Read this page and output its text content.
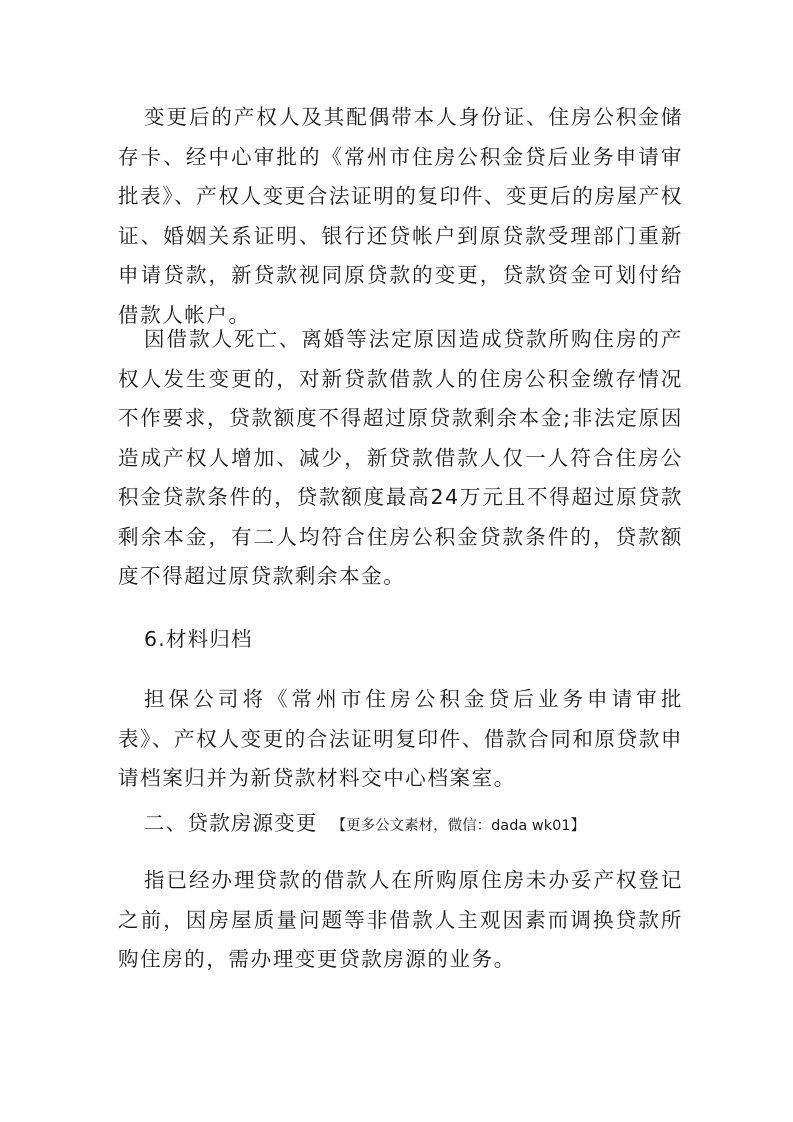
变更后的产权人及其配偶带本人身份证、住房公积金储存卡、经中心审批的《常州市住房公积金贷后业务申请审批表》、产权人变更合法证明的复印件、变更后的房屋产权证、婚姻关系证明、银行还贷帐户到原贷款受理部门重新申请贷款，新贷款视同原贷款的变更，贷款资金可划付给借款人帐户。

因借款人死亡、离婚等法定原因造成贷款所购住房的产权人发生变更的，对新贷款借款人的住房公积金缴存情况不作要求，贷款额度不得超过原贷款剩余本金;非法定原因造成产权人增加、减少，新贷款借款人仅一人符合住房公积金贷款条件的，贷款额度最高24万元且不得超过原贷款剩余本金，有二人均符合住房公积金贷款条件的，贷款额度不得超过原贷款剩余本金。

6.材料归档

担保公司将《常州市住房公积金贷后业务申请审批表》、产权人变更的合法证明复印件、借款合同和原贷款申请档案归并为新贷款材料交中心档案室。

二、贷款房源变更 【更多公文素材，微信：dada wk01】

指已经办理贷款的借款人在所购原住房未办妥产权登记之前，因房屋质量问题等非借款人主观因素而调换贷款所购住房的，需办理变更贷款房源的业务。
